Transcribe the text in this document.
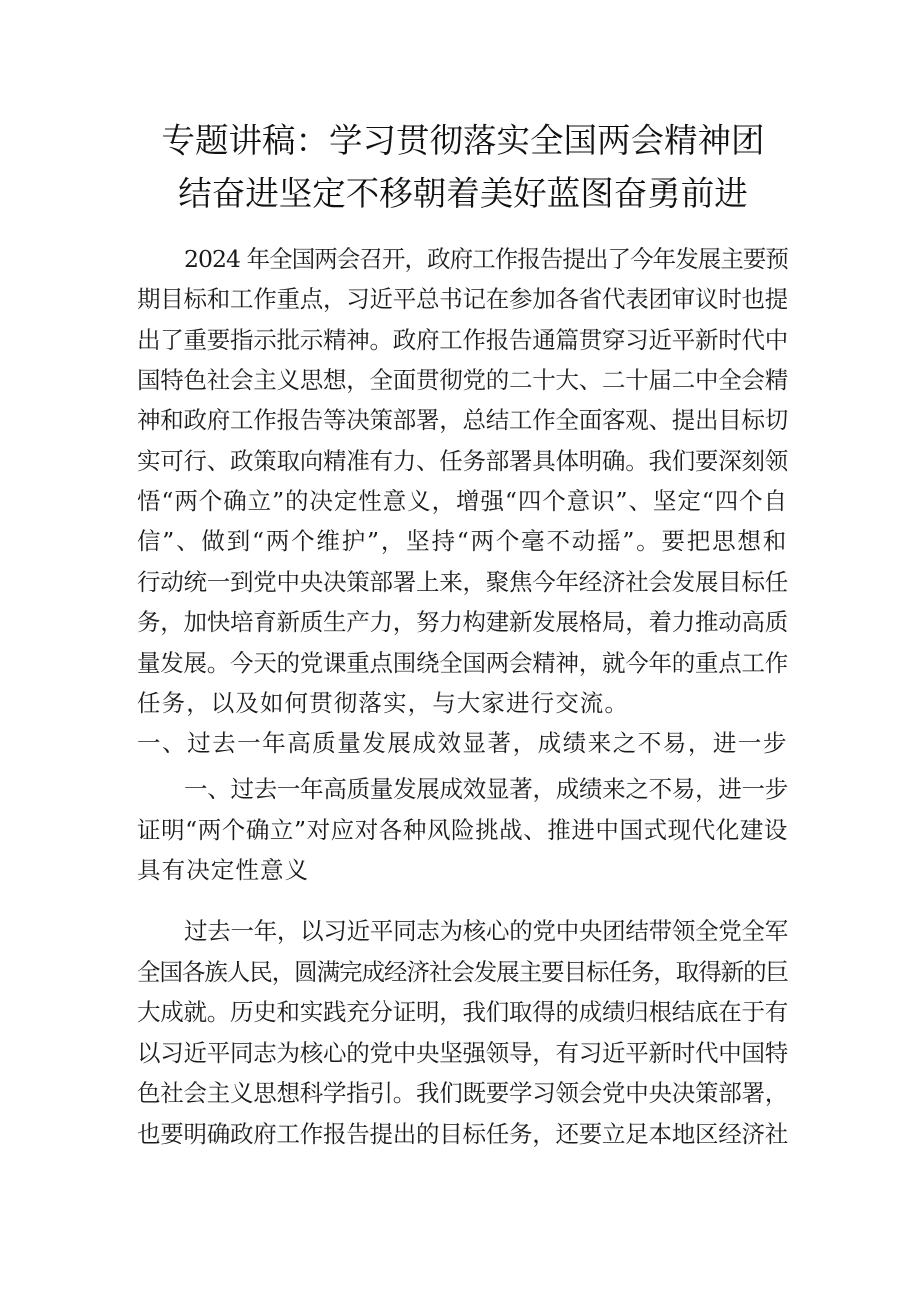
专题讲稿：学习贯彻落实全国两会精神团
结奋进坚定不移朝着美好蓝图奋勇前进

2024 年全国两会召开，政府工作报告提出了今年发展主要预

期目标和工作重点，习近平总书记在参加各省代表团审议时也提

出了重要指示批示精神。政府工作报告通篇贯穿习近平新时代中

国特色社会主义思想，全面贯彻党的二十大、二十届二中全会精

神和政府工作报告等决策部署，总结工作全面客观、提出目标切

实可行、政策取向精准有力、任务部署具体明确。我们要深刻领

悟“两个确立”的决定性意义，增强“四个意识”、坚定“四个自

信”、做到“两个维护”，坚持“两个毫不动摇”。要把思想和

行动统一到党中央决策部署上来，聚焦今年经济社会发展目标任

务，加快培育新质生产力，努力构建新发展格局，着力推动高质

量发展。今天的党课重点围绕全国两会精神，就今年的重点工作

任务，以及如何贯彻落实，与大家进行交流。

一、过去一年高质量发展成效显著，成绩来之不易，进一步

一、过去一年高质量发展成效显著，成绩来之不易，进一步

证明“两个确立”对应对各种风险挑战、推进中国式现代化建设

具有决定性意义

过去一年，以习近平同志为核心的党中央团结带领全党全军

全国各族人民，圆满完成经济社会发展主要目标任务，取得新的巨

大成就。历史和实践充分证明，我们取得的成绩归根结底在于有

以习近平同志为核心的党中央坚强领导，有习近平新时代中国特

色社会主义思想科学指引。我们既要学习领会党中央决策部署，

也要明确政府工作报告提出的目标任务，还要立足本地区经济社
